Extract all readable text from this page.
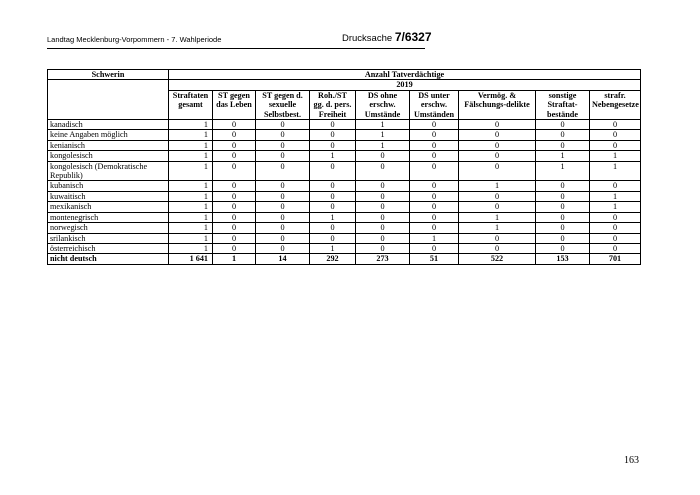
Landtag Mecklenburg-Vorpommern - 7. Wahlperiode	Drucksache 7/6327
Schwerin	Anzahl Tatverdächtige								
	2019								
	Straftaten gesamt	ST gegen das Leben	ST gegen d. sexuelle Selbstbest.	Roh./ST gg. d. pers. Freiheit	DS ohne erschw. Umstände	DS unter erschw. Umständen	Vermög. & Fälschungs-delikte	sonstige Straftat-bestände	strafr. Nebengesetze
kanadisch	1	0	0	0	1	0	0	0	0
keine Angaben möglich	1	0	0	0	1	0	0	0	0
kenianisch	1	0	0	0	1	0	0	0	0
kongolesisch	1	0	0	1	0	0	0	1	1
kongolesisch (Demokratische Republik)	1	0	0	0	0	0	0	1	1
kubanisch	1	0	0	0	0	0	1	0	0
kuwaitisch	1	0	0	0	0	0	0	0	1
mexikanisch	1	0	0	0	0	0	0	0	1
montenegrisch	1	0	0	1	0	0	1	0	0
norwegisch	1	0	0	0	0	0	1	0	0
srilankisch	1	0	0	0	0	1	0	0	0
österreichisch	1	0	0	1	0	0	0	0	0
nicht deutsch	1 641	1	14	292	273	51	522	153	701
163
